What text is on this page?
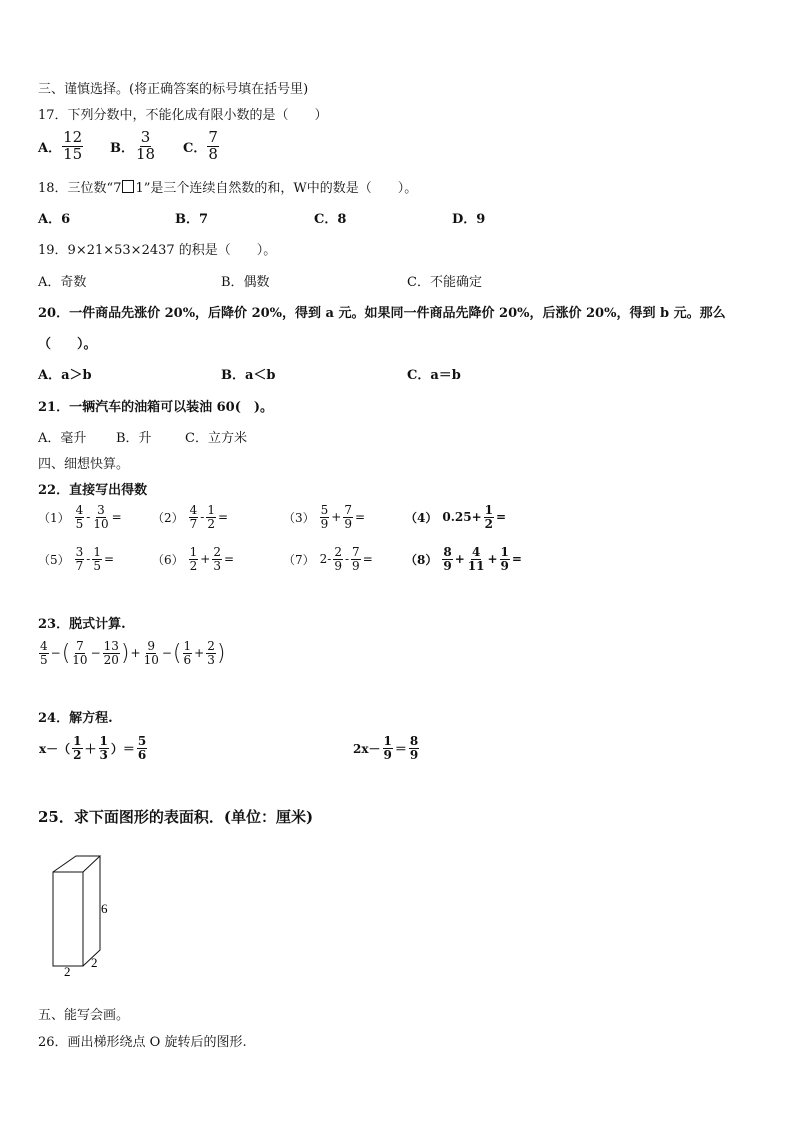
三、谨慎选择。(将正确答案的标号填在括号里)
17．下列分数中，不能化成有限小数的是（　　）
A． $\frac{12}{15}$ B． $\frac{3}{18}$ C． $\frac{7}{8}$
18．三位数“7 1”是三个连续自然数的和，W中的数是（　　）。
A．6	B．7	C．8	D．9
19．9×21×53×2437 的积是（　　）。
A．奇数	B．偶数	C．不能确定
20．一件商品先涨价 20%，后降价 20%，得到 a 元。如果同一件商品先降价 20%，后涨价 20%，得到 b 元。那么
（　　）。
A．a＞b	B．a＜b	C．a＝b
21．一辆汽车的油箱可以装油 60(　)。
A．毫升 B．升	C．立方米
四、细想快算。
22．直接写出得数
$(1) \frac{4}{5} - \frac{3}{10}$ =	$(2) \frac{4}{7} - \frac{1}{2}$ =	$(3) \frac{5}{9} + \frac{7}{9}$ =	（4） $0.25+ \frac{1}{2}$ =
$(5) \frac{3}{7} - \frac{1}{5}$ =	$(6) \frac{1}{2} + \frac{2}{3}$ =	（7） $2- \frac{2}{9} - \frac{7}{9}$ =	$(8) \frac{8}{9} + \frac{4}{11} + \frac{1}{9}$ =
23．脱式计算.
$\frac{4}{5}$ − ( $\frac{7}{10} - \frac{13}{20}$ ) + $\frac{9}{10}$ − ( $\frac{1}{6} + \frac{2}{3}$ )
24．解方程.
$x-( \frac{1}{2} + \frac{1}{3}$ ）＝ $\frac{5}{6}$	$2x- \frac{1}{9} = \frac{8}{9}$
25．求下面图形的表面积．(单位：厘米)
6
2
2
五、能写会画。
26．画出梯形绕点 O 旋转后的图形.
